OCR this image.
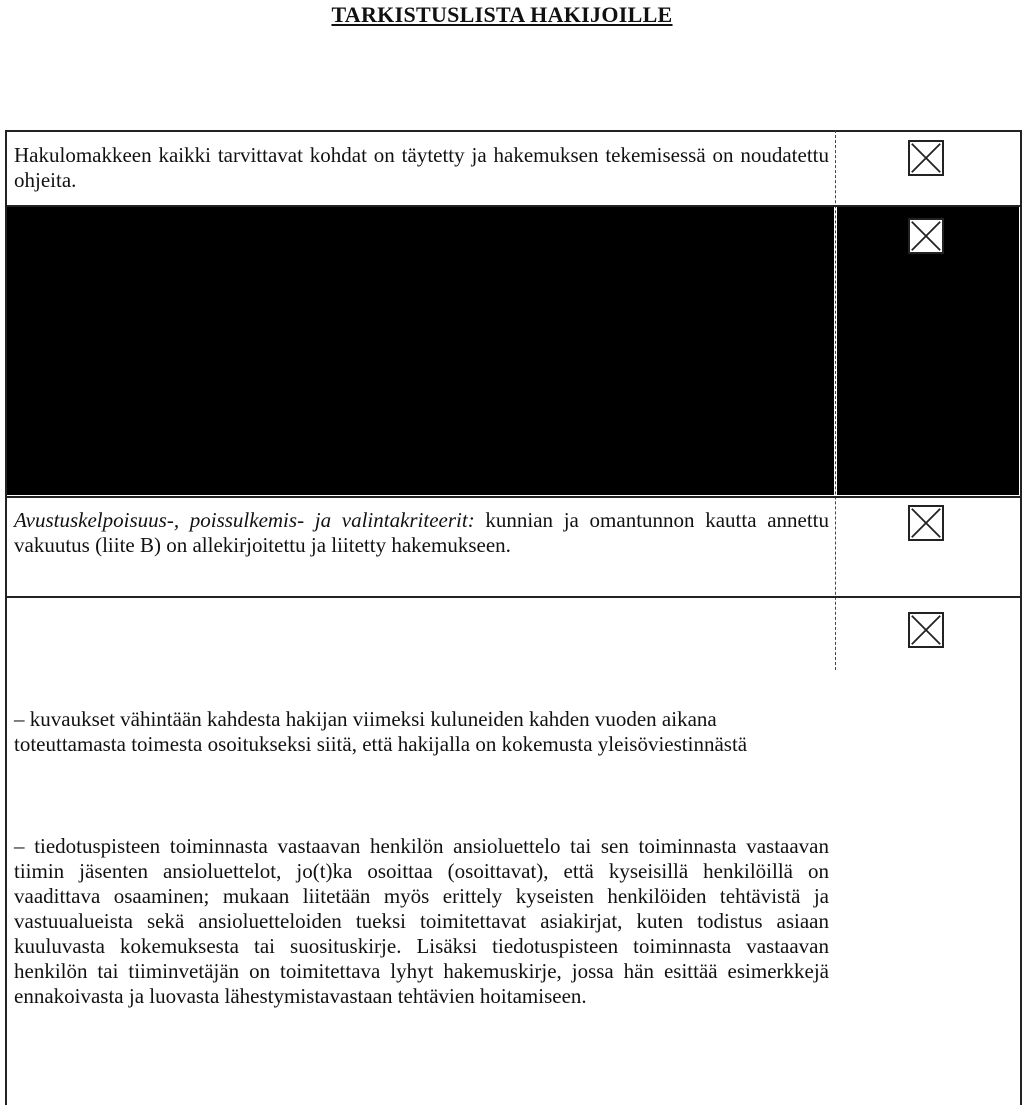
TARKISTUSLISTA HAKIJOILLE
Hakulomakkeen kaikki tarvittavat kohdat on täytetty ja hakemuksen tekemisessä on noudatettu ohjeita.
Avustuskelpoisuus-, poissulkemis- ja valintakriteerit: kunnian ja omantunnon kautta annettu vakuutus (liite B) on allekirjoitettu ja liitetty hakemukseen.
– kuvaukset vähintään kahdesta hakijan viimeksi kuluneiden kahden vuoden aikana toteuttamasta toimesta osoitukseksi siitä, että hakijalla on kokemusta yleisöviestinnästä
– tiedotuspisteen toiminnasta vastaavan henkilön ansioluettelo tai sen toiminnasta vastaavan tiimin jäsenten ansioluettelot, jo(t)ka osoittaa (osoittavat), että kyseisillä henkilöillä on vaadittava osaaminen; mukaan liitetään myös erittely kyseisten henkilöiden tehtävistä ja vastuualueista sekä ansioluetteloiden tueksi toimitettavat asiakirjat, kuten todistus asiaan kuuluvasta kokemuksesta tai suosituskirje. Lisäksi tiedotuspisteen toiminnasta vastaavan henkilön tai tiiminvetäjän on toimitettava lyhyt hakemuskirje, jossa hän esittää esimerkkejä ennakoivasta ja luovasta lähestymistavastaan tehtävien hoitamiseen.
